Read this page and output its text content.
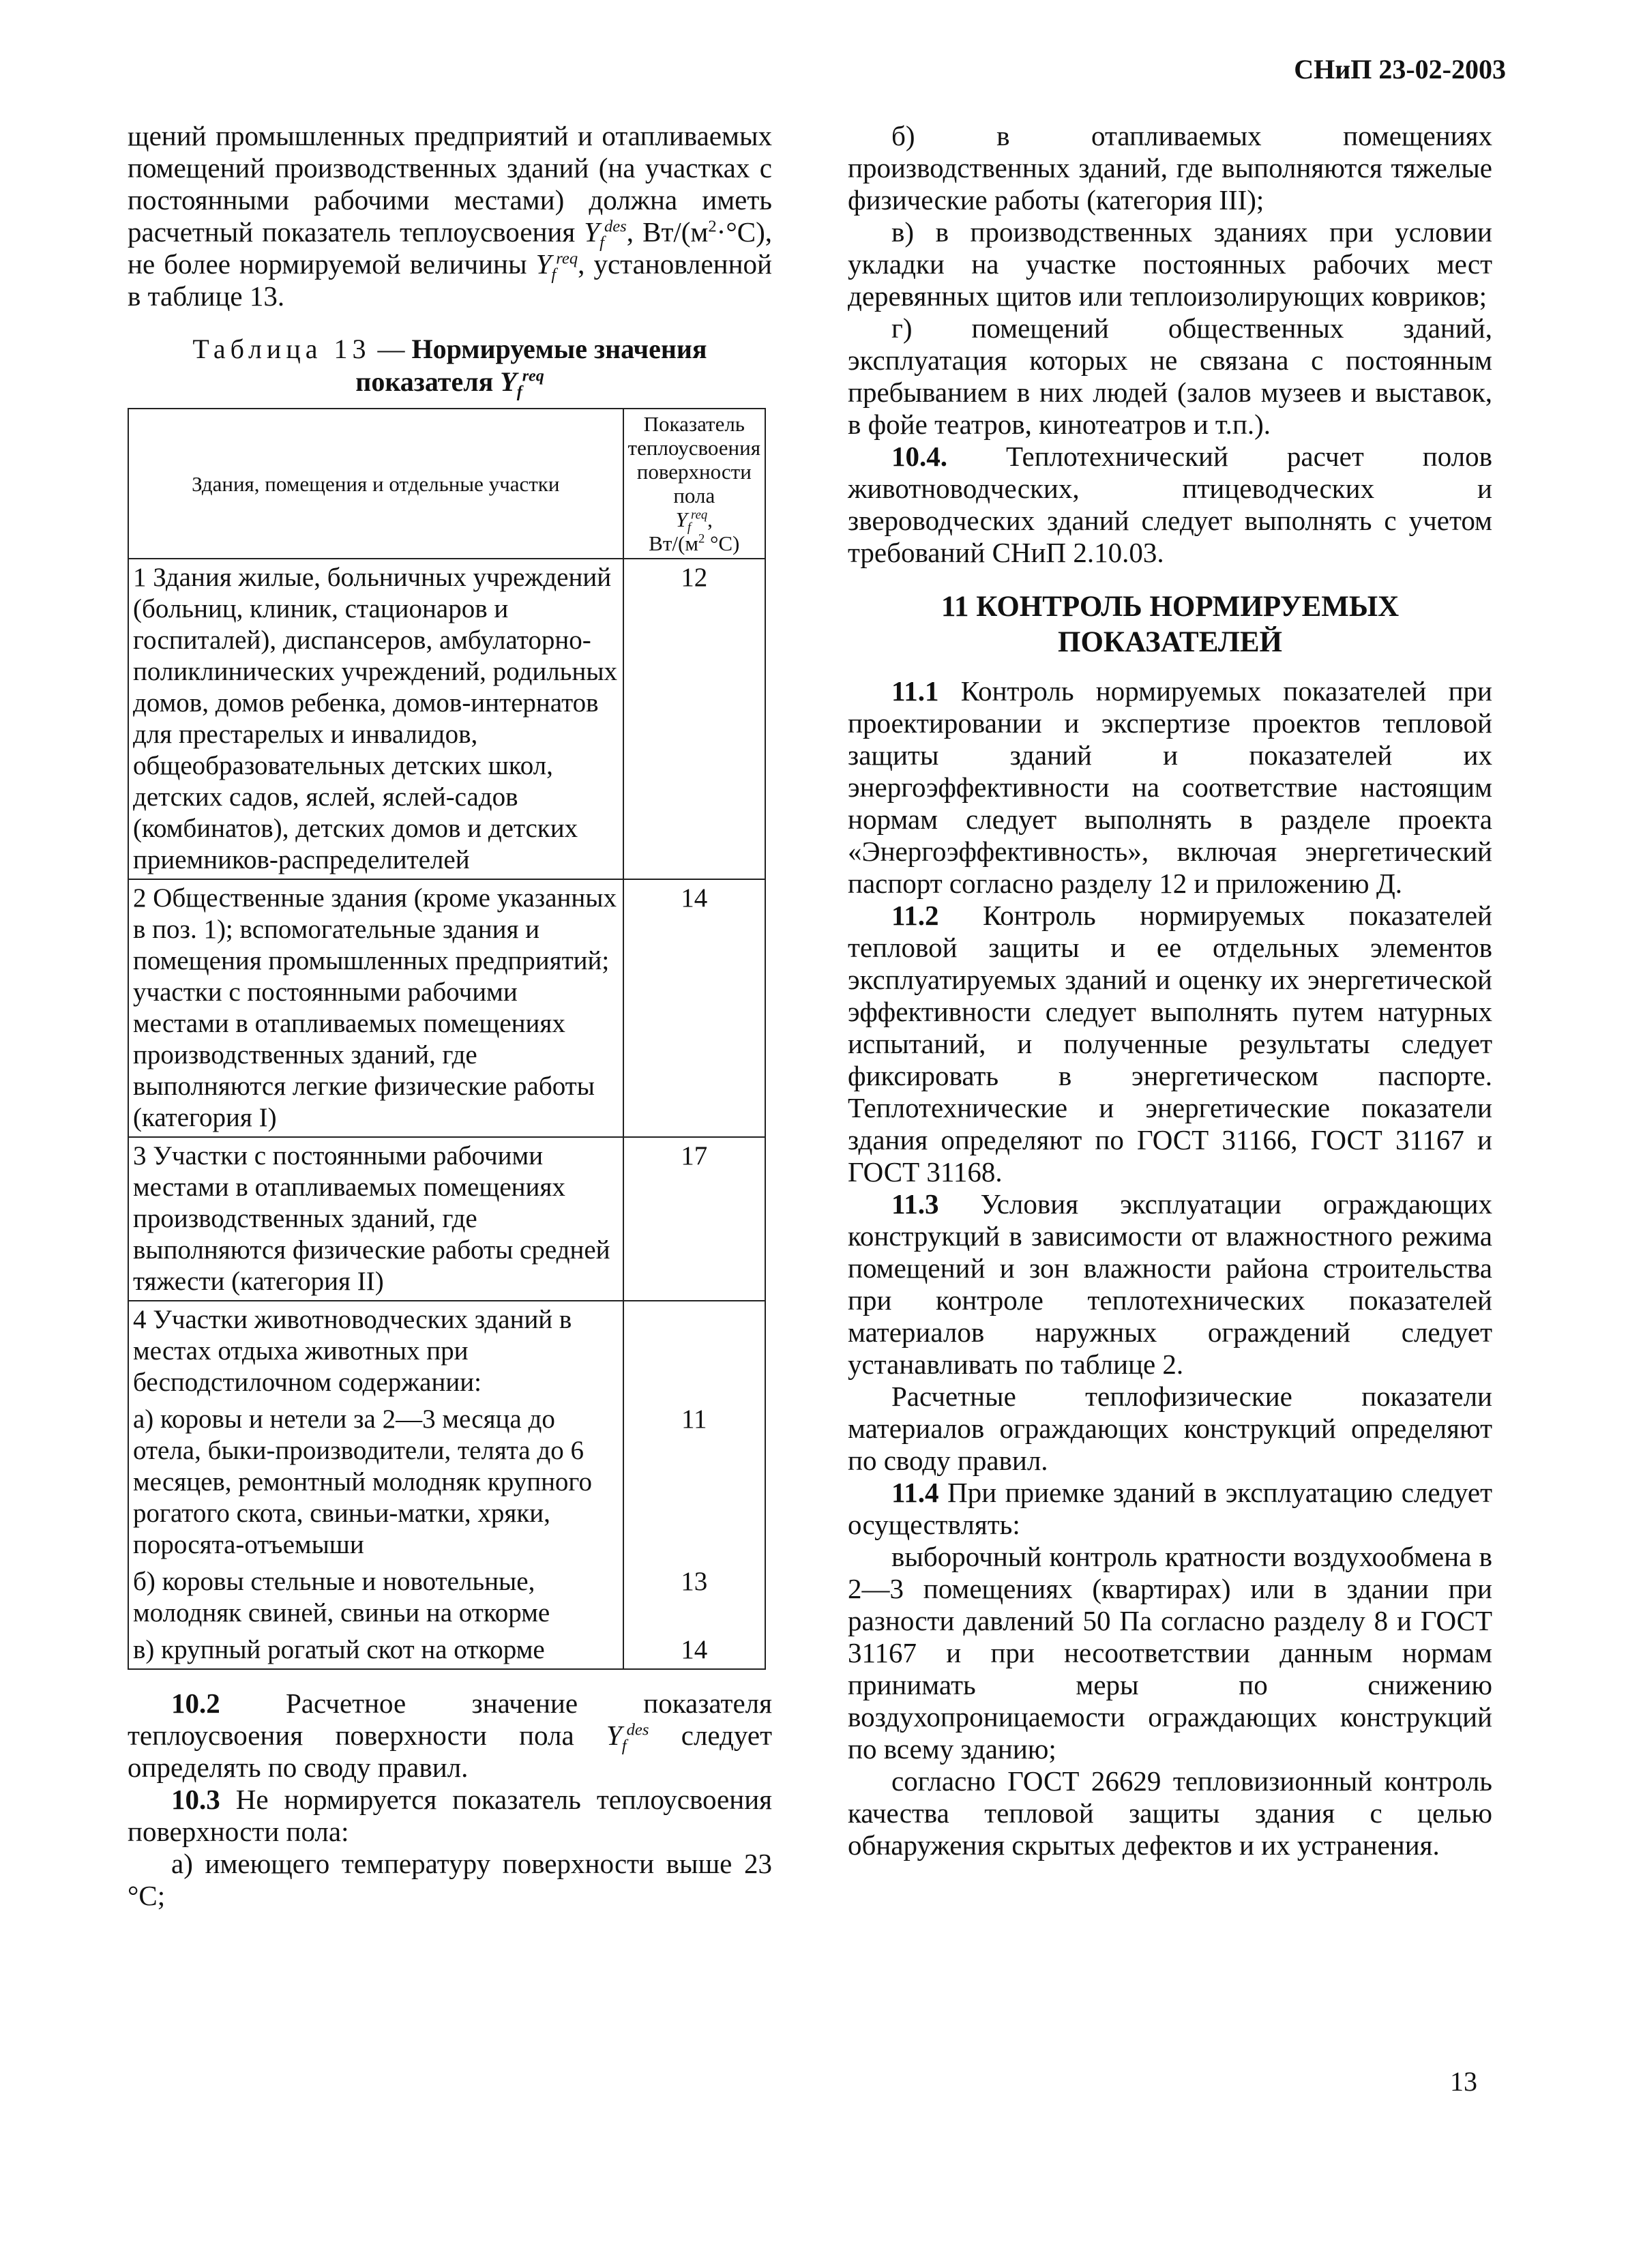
СНиП 23-02-2003

щений промышленных предприятий и отапливаемых помещений производственных зданий (на участках с постоянными рабочими местами) должна иметь расчетный показатель теплоусвоения $Y_f^{des}$, $Вт/(м^2\cdot^\circ С)$, не более нормируемой величины $Y_f^{req}$, установленной в таблице 13.

Таблица 13 — Нормируемые значения показателя $Y_f^{req}$
Здания, помещения и отдельные участки	Показатель теплоусвоения поверхности пола
$Y_f^{req}$,
$Вт/(м^2$ °С)
1 Здания жилые, больничных учреждений (больниц, клиник, стационаров и госпиталей), диспансеров, амбулаторно-поликлинических учреждений, родильных домов, домов ребенка, домов-интернатов для престарелых и инвалидов, общеобразовательных детских школ, детских садов, яслей, яслей-садов (комбинатов), детских домов и детских приемников-распределителей	12
2 Общественные здания (кроме указанных в поз. 1); вспомогательные здания и помещения промышленных предприятий; участки с постоянными рабочими местами в отапливаемых помещениях производственных зданий, где выполняются легкие физические работы (категория I)	14
3 Участки с постоянными рабочими местами в отапливаемых помещениях производственных зданий, где выполняются физические работы средней тяжести (категория II)	17
4 Участки животноводческих зданий в местах отдыха животных при бесподстилочном содержании:	
а) коровы и нетели за 2—3 месяца до отела, быки-производители, телята до 6 месяцев, ремонтный молодняк крупного рогатого скота, свиньи-матки, хряки, поросята-отъемыши	11
б) коровы стельные и новотельные, молодняк свиней, свиньи на откорме	13
в) крупный рогатый скот на откорме	14

10.2 Расчетное значение показателя теплоусвоения поверхности пола $Y_f^{des}$ следует определять по своду правил.

10.3 Не нормируется показатель теплоусвоения поверхности пола:

а) имеющего температуру поверхности выше 23 °С;

б) в отапливаемых помещениях производственных зданий, где выполняются тяжелые физические работы (категория III);

в) в производственных зданиях при условии укладки на участке постоянных рабочих мест деревянных щитов или теплоизолирующих ковриков;

г) помещений общественных зданий, эксплуатация которых не связана с постоянным пребыванием в них людей (залов музеев и выставок, в фойе театров, кинотеатров и т.п.).

10.4. Теплотехнический расчет полов животноводческих, птицеводческих и звероводческих зданий следует выполнять с учетом требований СНиП 2.10.03.

11 КОНТРОЛЬ НОРМИРУЕМЫХ ПОКАЗАТЕЛЕЙ

11.1 Контроль нормируемых показателей при проектировании и экспертизе проектов тепловой защиты зданий и показателей их энергоэффективности на соответствие настоящим нормам следует выполнять в разделе проекта «Энергоэффективность», включая энергетический паспорт согласно разделу 12 и приложению Д.

11.2 Контроль нормируемых показателей тепловой защиты и ее отдельных элементов эксплуатируемых зданий и оценку их энергетической эффективности следует выполнять путем натурных испытаний, и полученные результаты следует фиксировать в энергетическом паспорте. Теплотехнические и энергетические показатели здания определяют по ГОСТ 31166, ГОСТ 31167 и ГОСТ 31168.

11.3 Условия эксплуатации ограждающих конструкций в зависимости от влажностного режима помещений и зон влажности района строительства при контроле теплотехнических показателей материалов наружных ограждений следует устанавливать по таблице 2.

Расчетные теплофизические показатели материалов ограждающих конструкций определяют по своду правил.

11.4 При приемке зданий в эксплуатацию следует осуществлять:

выборочный контроль кратности воздухообмена в 2—3 помещениях (квартирах) или в здании при разности давлений 50 Па согласно разделу 8 и ГОСТ 31167 и при несоответствии данным нормам принимать меры по снижению воздухопроницаемости ограждающих конструкций по всему зданию;

согласно ГОСТ 26629 тепловизионный контроль качества тепловой защиты здания с целью обнаружения скрытых дефектов и их устранения.

13
